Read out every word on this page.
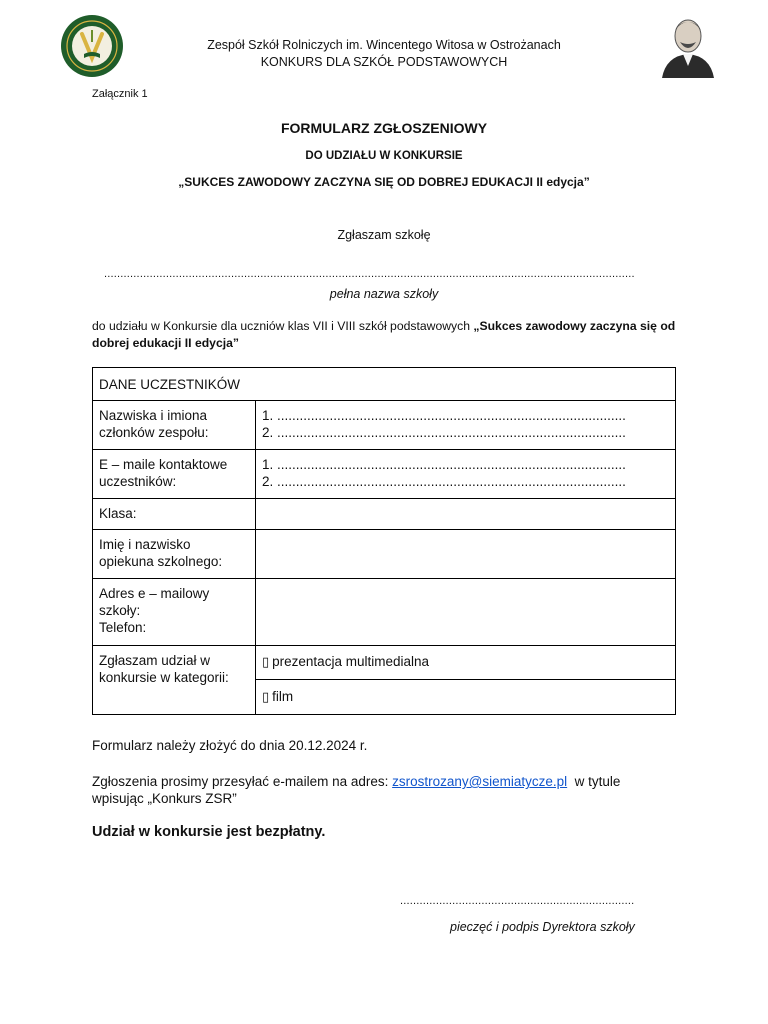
Zespół Szkół Rolniczych im. Wincentego Witosa w Ostrożanach
KONKURS DLA SZKÓŁ PODSTAWOWYCH
Załącznik 1
FORMULARZ ZGŁOSZENIOWY
DO UDZIAŁU W KONKURSIE
„SUKCES ZAWODOWY ZACZYNA SIĘ OD DOBREJ EDUKACJI II edycja”
Zgłaszam szkołę
...................................................................................................................................................................
pełna nazwa szkoły
do udziału w Konkursie dla uczniów klas VII i VIII szkół podstawowych „Sukces zawodowy zaczyna się od dobrej edukacji II edycja”
DANE UCZESTNIKÓW	
Nazwiska i imiona członków zespołu:	1. .............................................................................................
2. .............................................................................................

E – maile kontaktowe uczestników:	1. .............................................................................................
2. .............................................................................................

Klasa:	
Imię i nazwisko opiekuna szkolnego:	

Adres e – mailowy
szkoły:
Telefon:	

Zgłaszam udział w konkursie w kategorii:	▯ prezentacja multimedialna
	▯ film
Formularz należy złożyć do dnia 20.12.2024 r.
Zgłoszenia prosimy przesyłać e-mailem na adres: zsrostrozany@siemiatycze.pl  w tytule wpisując „Konkurs ZSR”
Udział w konkursie jest bezpłatny.
........................................................................
pieczęć i podpis Dyrektora szkoły
